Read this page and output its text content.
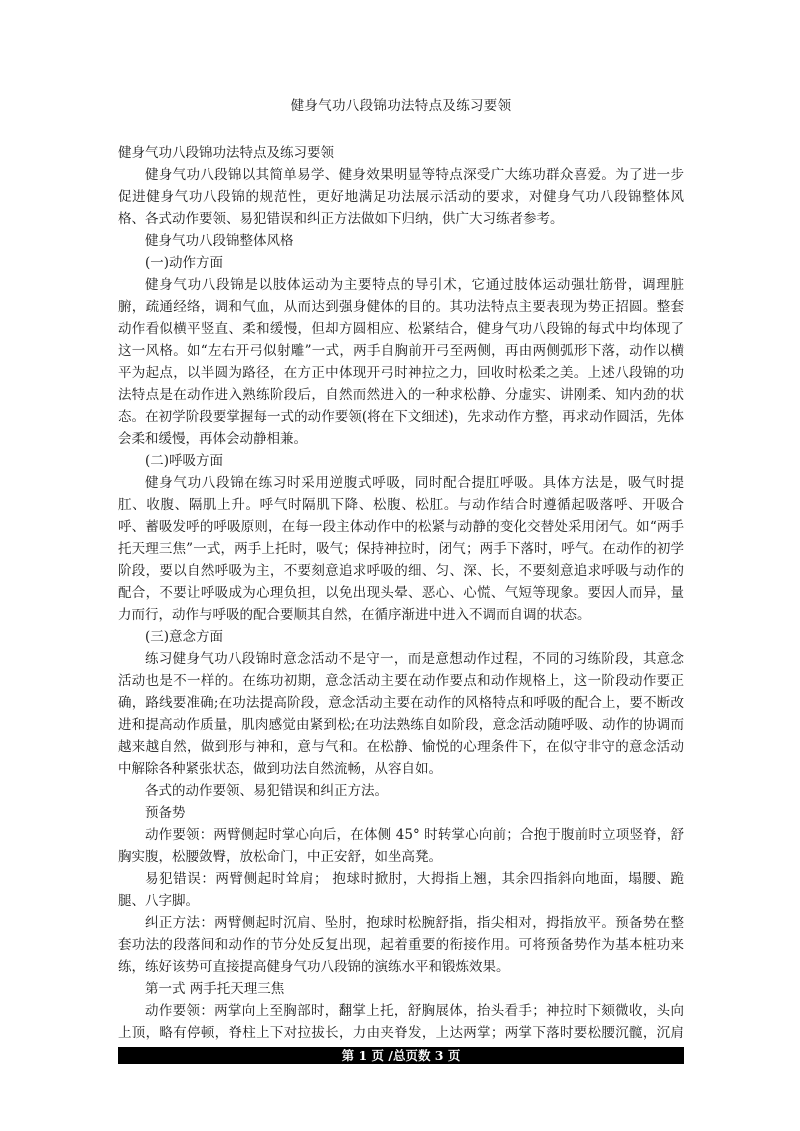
健身气功八段锦功法特点及练习要领

健身气功八段锦功法特点及练习要领

健身气功八段锦以其简单易学、健身效果明显等特点深受广大练功群众喜爱。为了进一步促进健身气功八段锦的规范性，更好地满足功法展示活动的要求，对健身气功八段锦整体风格、各式动作要领、易犯错误和纠正方法做如下归纳，供广大习练者参考。

健身气功八段锦整体风格

(一)动作方面

健身气功八段锦是以肢体运动为主要特点的导引术，它通过肢体运动强壮筋骨，调理脏腑，疏通经络，调和气血，从而达到强身健体的目的。其功法特点主要表现为势正招圆。整套动作看似横平竖直、柔和缓慢，但却方圆相应、松紧结合，健身气功八段锦的每式中均体现了这一风格。如“左右开弓似射雕”一式，两手自胸前开弓至两侧，再由两侧弧形下落，动作以横平为起点，以半圆为路径，在方正中体现开弓时神拉之力，回收时松柔之美。上述八段锦的功法特点是在动作进入熟练阶段后，自然而然进入的一种求松静、分虚实、讲刚柔、知内劲的状态。在初学阶段要掌握每一式的动作要领(将在下文细述)，先求动作方整，再求动作圆活，先体会柔和缓慢，再体会动静相兼。

(二)呼吸方面

健身气功八段锦在练习时采用逆腹式呼吸，同时配合提肛呼吸。具体方法是，吸气时提肛、收腹、隔肌上升。呼气时隔肌下降、松腹、松肛。与动作结合时遵循起吸落呼、开吸合呼、蓄吸发呼的呼吸原则，在每一段主体动作中的松紧与动静的变化交替处采用闭气。如“两手托天理三焦”一式，两手上托时，吸气；保持神拉时，闭气；两手下落时，呼气。在动作的初学阶段，要以自然呼吸为主，不要刻意追求呼吸的细、匀、深、长，不要刻意追求呼吸与动作的配合，不要让呼吸成为心理负担，以免出现头晕、恶心、心慌、气短等现象。要因人而异，量力而行，动作与呼吸的配合要顺其自然，在循序渐进中进入不调而自调的状态。

(三)意念方面

练习健身气功八段锦时意念活动不是守一，而是意想动作过程，不同的习练阶段，其意念活动也是不一样的。在练功初期，意念活动主要在动作要点和动作规格上，这一阶段动作要正确，路线要准确;在功法提高阶段，意念活动主要在动作的风格特点和呼吸的配合上，要不断改进和提高动作质量，肌肉感觉由紧到松;在功法熟练自如阶段，意念活动随呼吸、动作的协调而越来越自然，做到形与神和，意与气和。在松静、愉悦的心理条件下，在似守非守的意念活动中解除各种紧张状态，做到功法自然流畅，从容自如。

各式的动作要领、易犯错误和纠正方法。

预备势

动作要领：两臂侧起时掌心向后，在体侧 45° 时转掌心向前；合抱于腹前时立项竖脊，舒胸实腹，松腰敛臀，放松命门，中正安舒，如坐高凳。

易犯错误：两臂侧起时耸肩； 抱球时掀肘，大拇指上翘，其余四指斜向地面，塌腰、跪腿、八字脚。

纠正方法：两臂侧起时沉肩、坠肘，抱球时松腕舒指，指尖相对，拇指放平。预备势在整套功法的段落间和动作的节分处反复出现，起着重要的衔接作用。可将预备势作为基本桩功来练，练好该势可直接提高健身气功八段锦的演练水平和锻炼效果。

第一式 两手托天理三焦

动作要领：两掌向上至胸部时，翻掌上托，舒胸展体，抬头看手；神拉时下颏微收，头向上顶，略有停顿，脊柱上下对拉拔长，力由夹脊发，上达两掌；两掌下落时要松腰沉髋，沉肩

第 1 页 /总页数 3 页
